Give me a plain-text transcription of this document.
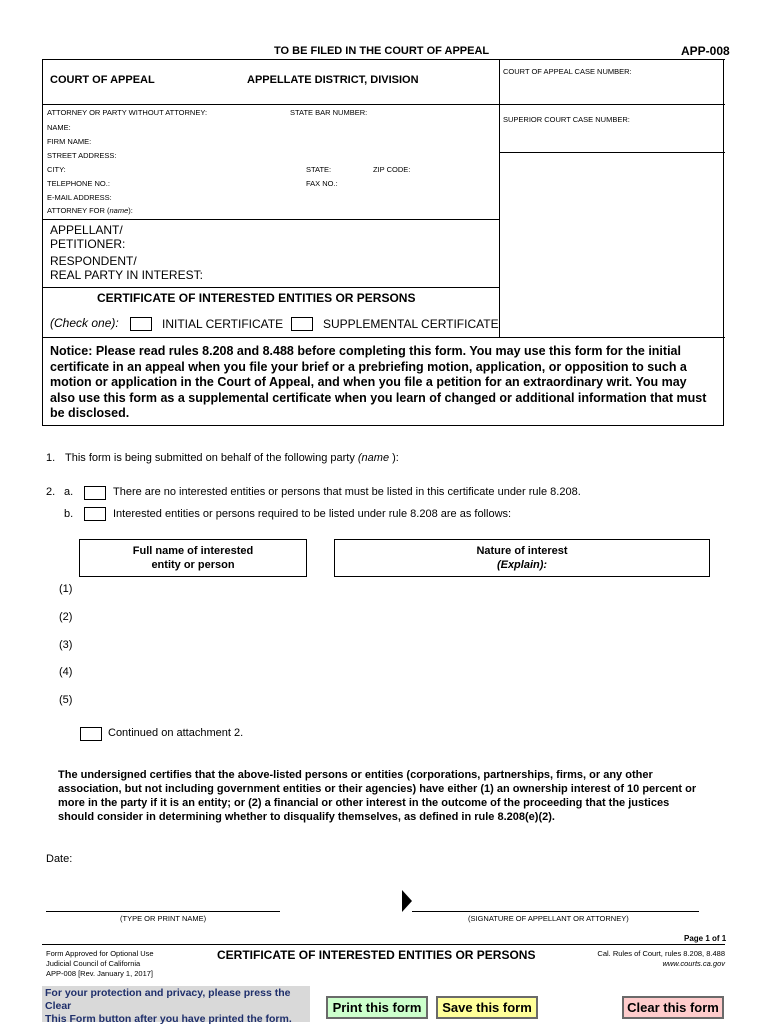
TO BE FILED IN THE COURT OF APPEAL	APP-008
COURT OF APPEAL	APPELLATE DISTRICT, DIVISION
COURT OF APPEAL CASE NUMBER:
SUPERIOR COURT CASE NUMBER:
ATTORNEY OR PARTY WITHOUT ATTORNEY:	STATE BAR NUMBER:
NAME:
FIRM NAME:
STREET ADDRESS:
CITY:	STATE:	ZIP CODE:
TELEPHONE NO.:	FAX NO.:
E-MAIL ADDRESS:
ATTORNEY FOR (name):
APPELLANT/
PETITIONER:
RESPONDENT/
REAL PARTY IN INTEREST:
CERTIFICATE OF INTERESTED ENTITIES OR PERSONS
(Check one):	INITIAL CERTIFICATE	SUPPLEMENTAL CERTIFICATE
Notice: Please read rules 8.208 and 8.488 before completing this form. You may use this form for the initial
certificate in an appeal when you file your brief or a prebriefing motion, application, or opposition to such a
motion or application in the Court of Appeal, and when you file a petition for an extraordinary writ. You may
also use this form as a supplemental certificate when you learn of changed or additional information that must
be disclosed.
1. This form is being submitted on behalf of the following party (name ):
2. a.	There are no interested entities or persons that must be listed in this certificate under rule 8.208.
b.	Interested entities or persons required to be listed under rule 8.208 are as follows:
Full name of interested
entity or person
Nature of interest
(Explain):
(1)
(2)
(3)
(4)
(5)
Continued on attachment 2.
The undersigned certifies that the above-listed persons or entities (corporations, partnerships, firms, or any other
association, but not including government entities or their agencies) have either (1) an ownership interest of 10 percent or
more in the party if it is an entity; or (2) a financial or other interest in the outcome of the proceeding that the justices
should consider in determining whether to disqualify themselves, as defined in rule 8.208(e)(2).
Date:
(TYPE OR PRINT NAME)	(SIGNATURE OF APPELLANT OR ATTORNEY)
Page 1 of 1
Form Approved for Optional Use
Judicial Council of California
APP-008 [Rev. January 1, 2017]
CERTIFICATE OF INTERESTED ENTITIES OR PERSONS	Cal. Rules of Court, rules 8.208, 8.488
www.courts.ca.gov
For your protection and privacy, please press the Clear
This Form button after you have printed the form.
Print this form	Save this form	Clear this form
